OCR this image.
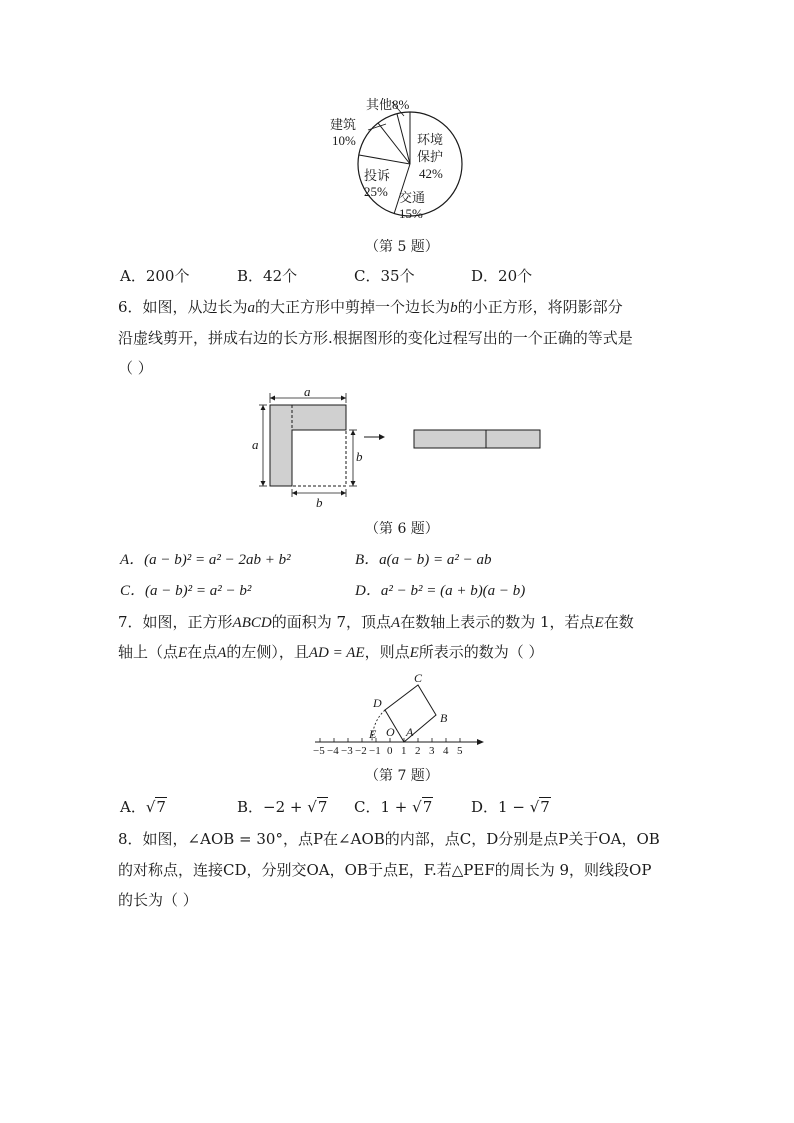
其他8%
建筑
10%	环境
保护
42%
投诉
25% 交通
15%
（第 5 题）
A．200个	B．42个	C．35个	D．20个
6．如图，从边长为a的大正方形中剪掉一个边长为b的小正方形，将阴影部分
沿虚线剪开，拼成右边的长方形.根据图形的变化过程写出的一个正确的等式是
（ ）
a
a
b
b
（第 6 题）
A．(a − b)² = a² − 2ab + b²	B．a(a − b) = a² − ab
C．(a − b)² = a² − b²	D．a² − b² = (a + b)(a − b)
7．如图，正方形ABCD的面积为 7，顶点A在数轴上表示的数为 1，若点E在数
轴上（点E在点A的左侧），且AD = AE，则点E所表示的数为（ ）
C
D
B
E O A
−5 −4 −3 −2 −1 0 1 2 3 4 5
（第 7 题）
A．√7	B．−2 + √7 C．1 + √7	D．1 − √7
8．如图，∠AOB = 30°，点P在∠AOB的内部，点C，D分别是点P关于OA，OB
的对称点，连接CD，分别交OA，OB于点E，F.若△PEF的周长为 9，则线段OP
的长为（ ）
